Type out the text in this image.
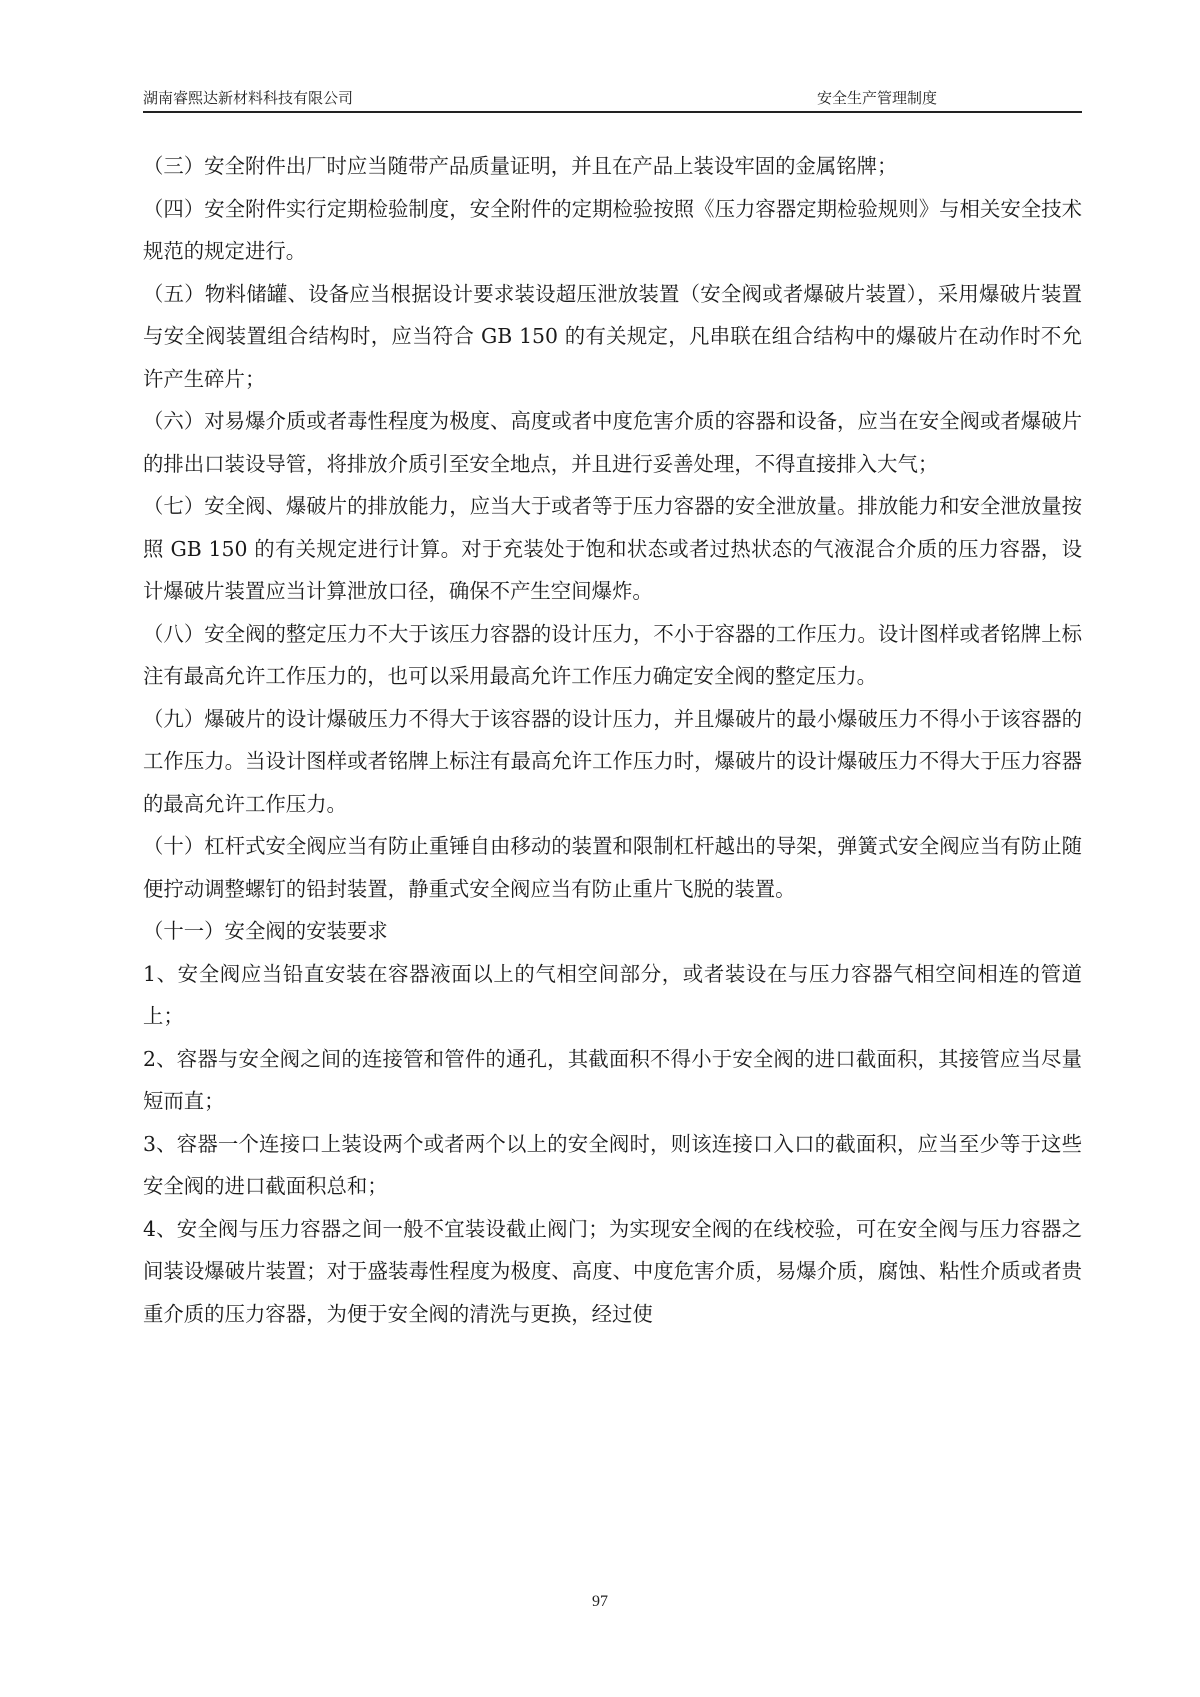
湖南睿熙达新材料科技有限公司	安全生产管理制度

（三）安全附件出厂时应当随带产品质量证明，并且在产品上装设牢固的金属铭牌；

（四）安全附件实行定期检验制度，安全附件的定期检验按照《压力容器定期检验规则》与相关安全技术规范的规定进行。

（五）物料储罐、设备应当根据设计要求装设超压泄放装置（安全阀或者爆破片装置），采用爆破片装置与安全阀装置组合结构时，应当符合 GB 150 的有关规定，凡串联在组合结构中的爆破片在动作时不允许产生碎片；

（六）对易爆介质或者毒性程度为极度、高度或者中度危害介质的容器和设备，应当在安全阀或者爆破片的排出口装设导管，将排放介质引至安全地点，并且进行妥善处理，不得直接排入大气；

（七）安全阀、爆破片的排放能力，应当大于或者等于压力容器的安全泄放量。排放能力和安全泄放量按照 GB 150 的有关规定进行计算。对于充装处于饱和状态或者过热状态的气液混合介质的压力容器，设计爆破片装置应当计算泄放口径，确保不产生空间爆炸。

（八）安全阀的整定压力不大于该压力容器的设计压力，不小于容器的工作压力。设计图样或者铭牌上标注有最高允许工作压力的，也可以采用最高允许工作压力确定安全阀的整定压力。

（九）爆破片的设计爆破压力不得大于该容器的设计压力，并且爆破片的最小爆破压力不得小于该容器的工作压力。当设计图样或者铭牌上标注有最高允许工作压力时，爆破片的设计爆破压力不得大于压力容器的最高允许工作压力。

（十）杠杆式安全阀应当有防止重锤自由移动的装置和限制杠杆越出的导架，弹簧式安全阀应当有防止随便拧动调整螺钉的铅封装置，静重式安全阀应当有防止重片飞脱的装置。

（十一）安全阀的安装要求

1、安全阀应当铅直安装在容器液面以上的气相空间部分，或者装设在与压力容器气相空间相连的管道上；

2、容器与安全阀之间的连接管和管件的通孔，其截面积不得小于安全阀的进口截面积，其接管应当尽量短而直；

3、容器一个连接口上装设两个或者两个以上的安全阀时，则该连接口入口的截面积，应当至少等于这些安全阀的进口截面积总和；

4、安全阀与压力容器之间一般不宜装设截止阀门；为实现安全阀的在线校验，可在安全阀与压力容器之间装设爆破片装置；对于盛装毒性程度为极度、高度、中度危害介质，易爆介质，腐蚀、粘性介质或者贵重介质的压力容器，为便于安全阀的清洗与更换，经过使

97
